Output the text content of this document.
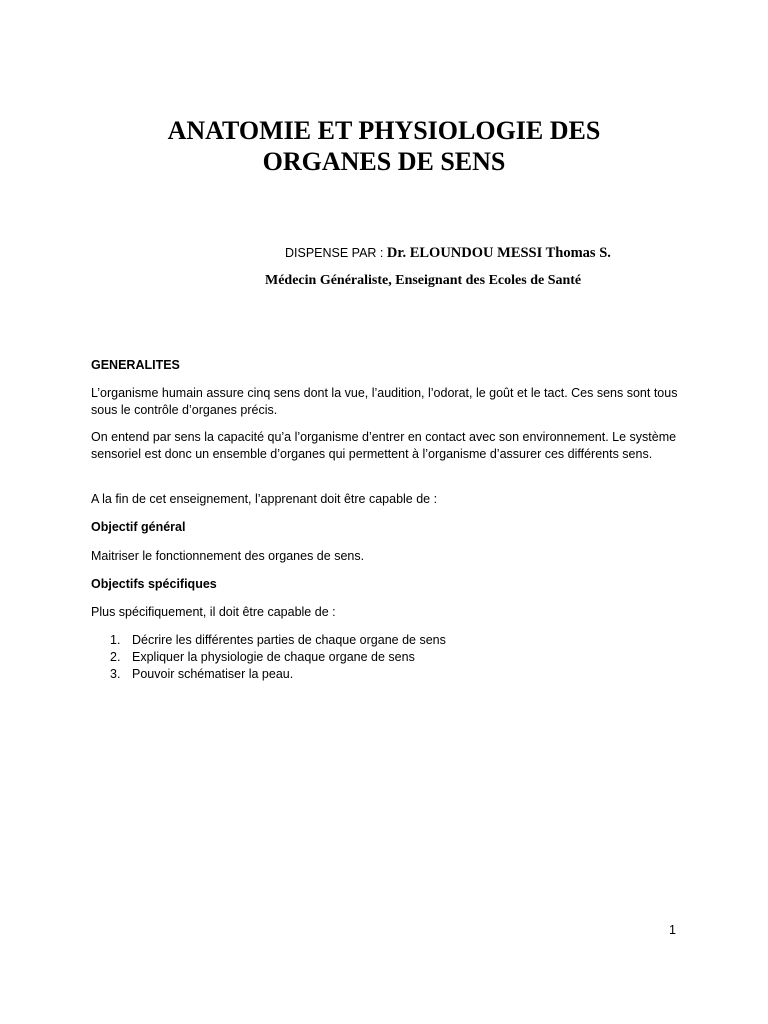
ANATOMIE ET PHYSIOLOGIE DES
ORGANES DE SENS
DISPENSE PAR : Dr. ELOUNDOU MESSI Thomas S.
Médecin Généraliste, Enseignant des Ecoles de Santé

GENERALITES

L’organisme humain assure cinq sens dont la vue, l’audition, l’odorat, le goût et le tact. Ces sens sont tous sous le contrôle d’organes précis.

On entend par sens la capacité qu’a l’organisme d’entrer en contact avec son environnement. Le système sensoriel est donc un ensemble d’organes qui permettent à l’organisme d’assurer ces différents sens.

A la fin de cet enseignement, l’apprenant doit être capable de :

Objectif général

Maitriser le fonctionnement des organes de sens.

Objectifs spécifiques

Plus spécifiquement, il doit être capable de :

1. Décrire les différentes parties de chaque organe de sens
2. Expliquer la physiologie de chaque organe de sens
3. Pouvoir schématiser la peau.
1
